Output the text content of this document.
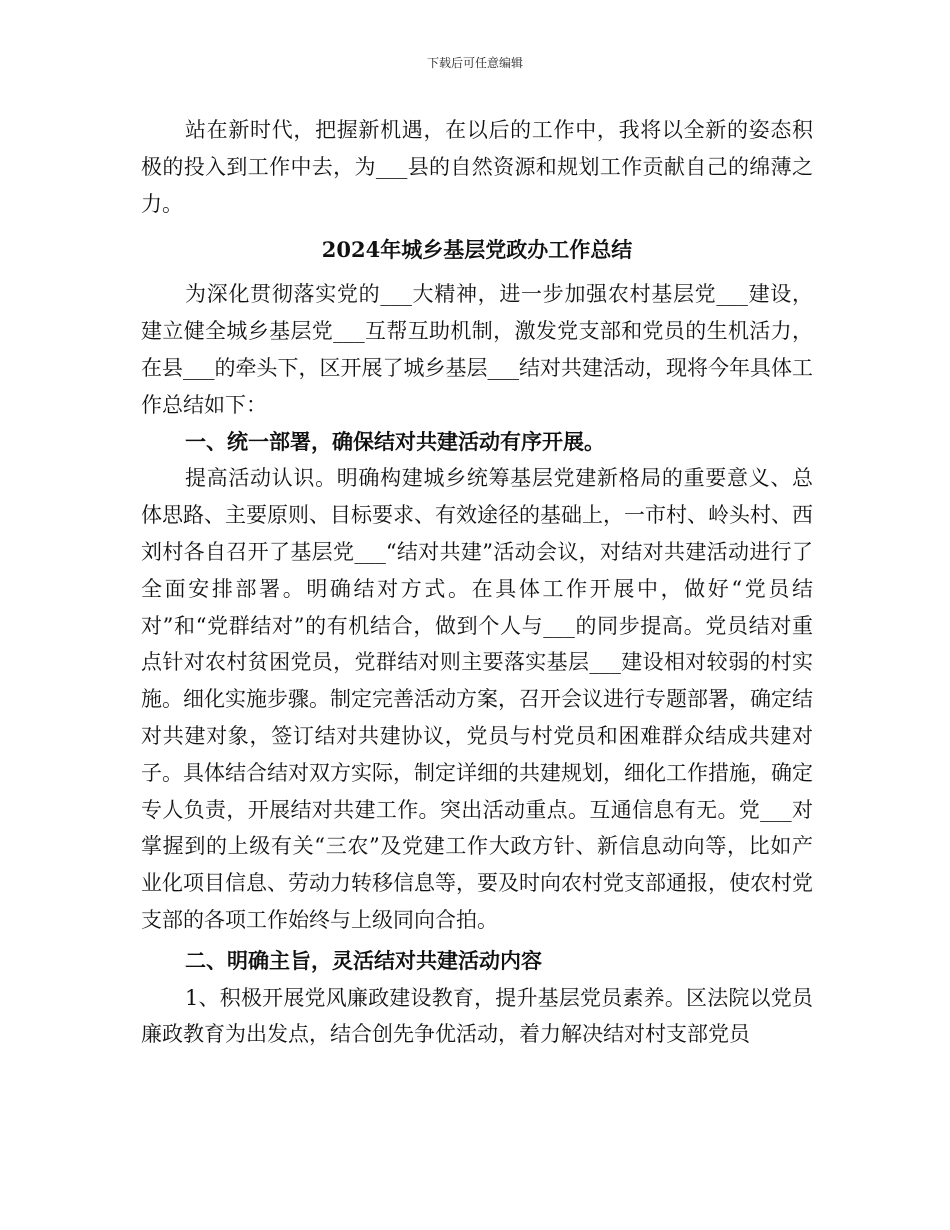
下载后可任意编辑

站在新时代，把握新机遇，在以后的工作中，我将以全新的姿态积极的投入到工作中去，为___县的自然资源和规划工作贡献自己的绵薄之力。

2024年城乡基层党政办工作总结

为深化贯彻落实党的___大精神，进一步加强农村基层党___建设，建立健全城乡基层党___互帮互助机制，激发党支部和党员的生机活力，在县___的牵头下，区开展了城乡基层___结对共建活动，现将今年具体工作总结如下：

一、统一部署，确保结对共建活动有序开展。

提高活动认识。明确构建城乡统筹基层党建新格局的重要意义、总体思路、主要原则、目标要求、有效途径的基础上，一市村、岭头村、西刘村各自召开了基层党___“结对共建”活动会议，对结对共建活动进行了全面安排部署。明确结对方式。在具体工作开展中，做好“党员结对”和“党群结对”的有机结合，做到个人与___的同步提高。党员结对重点针对农村贫困党员，党群结对则主要落实基层___建设相对较弱的村实施。细化实施步骤。制定完善活动方案，召开会议进行专题部署，确定结对共建对象，签订结对共建协议，党员与村党员和困难群众结成共建对子。具体结合结对双方实际，制定详细的共建规划，细化工作措施，确定专人负责，开展结对共建工作。突出活动重点。互通信息有无。党___对掌握到的上级有关“三农”及党建工作大政方针、新信息动向等，比如产业化项目信息、劳动力转移信息等，要及时向农村党支部通报，使农村党支部的各项工作始终与上级同向合拍。

二、明确主旨，灵活结对共建活动内容

1、积极开展党风廉政建设教育，提升基层党员素养。区法院以党员廉政教育为出发点，结合创先争优活动，着力解决结对村支部党员
